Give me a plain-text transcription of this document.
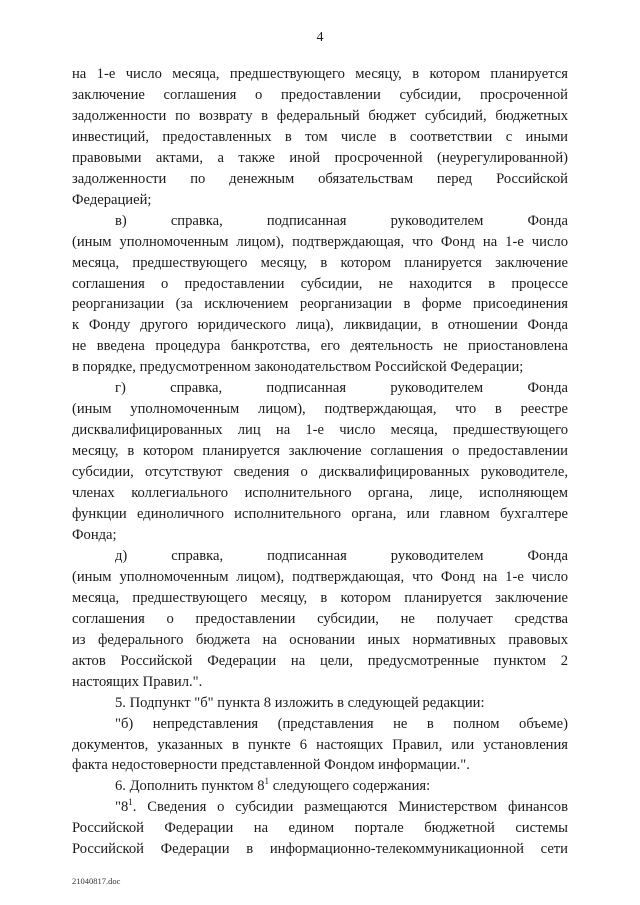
4

на 1-е число месяца, предшествующего месяцу, в котором планируется

заключение соглашения о предоставлении субсидии, просроченной

задолженности по возврату в федеральный бюджет субсидий, бюджетных

инвестиций, предоставленных в том числе в соответствии с иными

правовыми актами, а также иной просроченной (неурегулированной)

задолженности по денежным обязательствам перед Российской

Федерацией;

в) справка, подписанная руководителем Фонда

(иным уполномоченным лицом), подтверждающая, что Фонд на 1-е число

месяца, предшествующего месяцу, в котором планируется заключение

соглашения о предоставлении субсидии, не находится в процессе

реорганизации (за исключением реорганизации в форме присоединения

к Фонду другого юридического лица), ликвидации, в отношении Фонда

не введена процедура банкротства, его деятельность не приостановлена

в порядке, предусмотренном законодательством Российской Федерации;

г) справка, подписанная руководителем Фонда

(иным уполномоченным лицом), подтверждающая, что в реестре

дисквалифицированных лиц на 1-е число месяца, предшествующего

месяцу, в котором планируется заключение соглашения о предоставлении

субсидии, отсутствуют сведения о дисквалифицированных руководителе,

членах коллегиального исполнительного органа, лице, исполняющем

функции единоличного исполнительного органа, или главном бухгалтере

Фонда;

д) справка, подписанная руководителем Фонда

(иным уполномоченным лицом), подтверждающая, что Фонд на 1-е число

месяца, предшествующего месяцу, в котором планируется заключение

соглашения о предоставлении субсидии, не получает средства

из федерального бюджета на основании иных нормативных правовых

актов Российской Федерации на цели, предусмотренные пунктом 2

настоящих Правил.".

5. Подпункт "б" пункта 8 изложить в следующей редакции:

"б) непредставления (представления не в полном объеме)

документов, указанных в пункте 6 настоящих Правил, или установления

факта недостоверности представленной Фондом информации.".

6. Дополнить пунктом $8^1$ следующего содержания:

"$8^1$. Сведения о субсидии размещаются Министерством финансов

Российской Федерации на едином портале бюджетной системы

Российской Федерации в информационно-телекоммуникационной сети

21040817.doc
